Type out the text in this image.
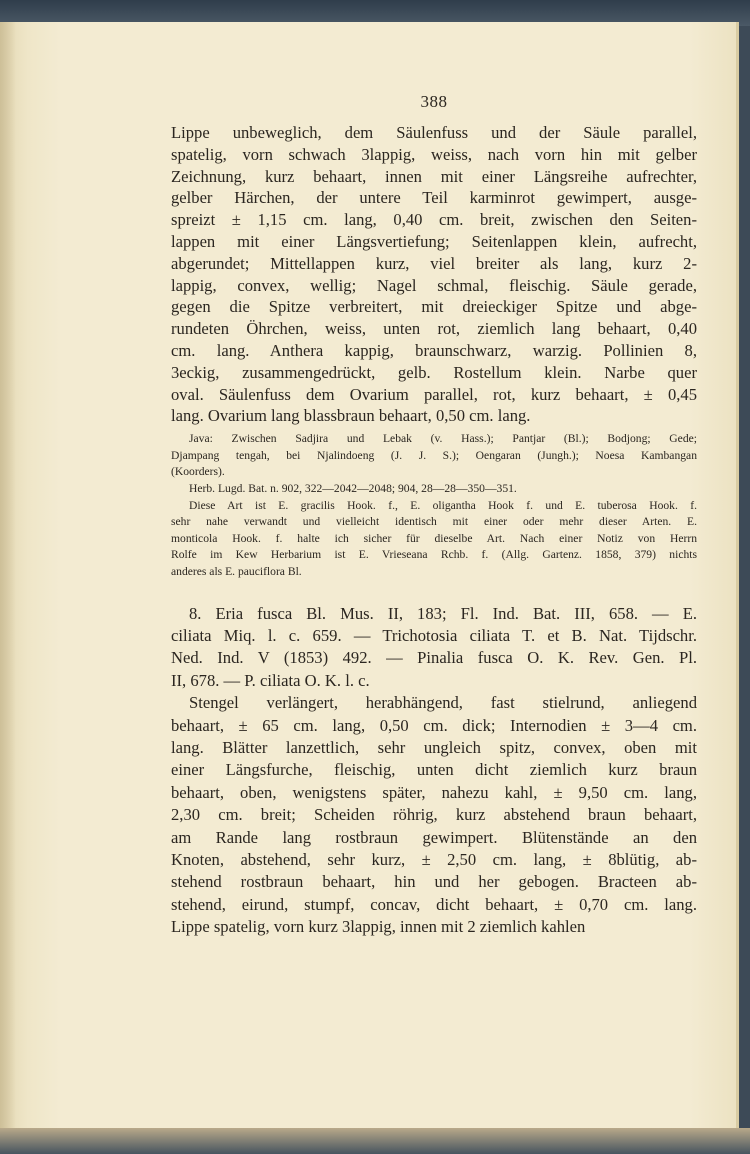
388

Lippe unbeweglich, dem Säulenfuss und der Säule parallel,
spatelig, vorn schwach 3lappig, weiss, nach vorn hin mit gelber
Zeichnung, kurz behaart, innen mit einer Längsreihe aufrechter,
gelber Härchen, der untere Teil karminrot gewimpert, ausge-
spreizt ± 1,15 cm. lang, 0,40 cm. breit, zwischen den Seiten-
lappen mit einer Längsvertiefung; Seitenlappen klein, aufrecht,
abgerundet; Mittellappen kurz, viel breiter als lang, kurz 2-
lappig, convex, wellig; Nagel schmal, fleischig. Säule gerade,
gegen die Spitze verbreitert, mit dreieckiger Spitze und abge-
rundeten Öhrchen, weiss, unten rot, ziemlich lang behaart, 0,40
cm. lang. Anthera kappig, braunschwarz, warzig. Pollinien 8,
3eckig, zusammengedrückt, gelb. Rostellum klein. Narbe quer
oval. Säulenfuss dem Ovarium parallel, rot, kurz behaart, ± 0,45
lang. Ovarium lang blassbraun behaart, 0,50 cm. lang.

Java: Zwischen Sadjira und Lebak (v. Hass.); Pantjar (Bl.); Bodjong; Gede;

Djampang tengah, bei Njalindoeng (J. J. S.); Oengaran (Jungh.); Noesa Kambangan
(Koorders).

Herb. Lugd. Bat. n. 902, 322—2042—2048; 904, 28—28—350—351.

Diese Art ist E. gracilis Hook. f., E. oligantha Hook f. und E. tuberosa Hook. f.

sehr nahe verwandt und vielleicht identisch mit einer oder mehr dieser Arten. E.
monticola Hook. f. halte ich sicher für dieselbe Art. Nach einer Notiz von Herrn
Rolfe im Kew Herbarium ist E. Vrieseana Rchb. f. (Allg. Gartenz. 1858, 379) nichts
anderes als E. pauciflora Bl.

8. Eria fusca Bl. Mus. II, 183; Fl. Ind. Bat. III, 658. — E.

ciliata Miq. l. c. 659. — Trichotosia ciliata T. et B. Nat. Tijdschr.
Ned. Ind. V (1853) 492. — Pinalia fusca O. K. Rev. Gen. Pl.
II, 678. — P. ciliata O. K. l. c.

Stengel verlängert, herabhängend, fast stielrund, anliegend

behaart, ± 65 cm. lang, 0,50 cm. dick; Internodien ± 3—4 cm.
lang. Blätter lanzettlich, sehr ungleich spitz, convex, oben mit
einer Längsfurche, fleischig, unten dicht ziemlich kurz braun
behaart, oben, wenigstens später, nahezu kahl, ± 9,50 cm. lang,
2,30 cm. breit; Scheiden röhrig, kurz abstehend braun behaart,
am Rande lang rostbraun gewimpert. Blütenstände an den
Knoten, abstehend, sehr kurz, ± 2,50 cm. lang, ± 8blütig, ab-
stehend rostbraun behaart, hin und her gebogen. Bracteen ab-
stehend, eirund, stumpf, concav, dicht behaart, ± 0,70 cm. lang.
Lippe spatelig, vorn kurz 3lappig, innen mit 2 ziemlich kahlen
